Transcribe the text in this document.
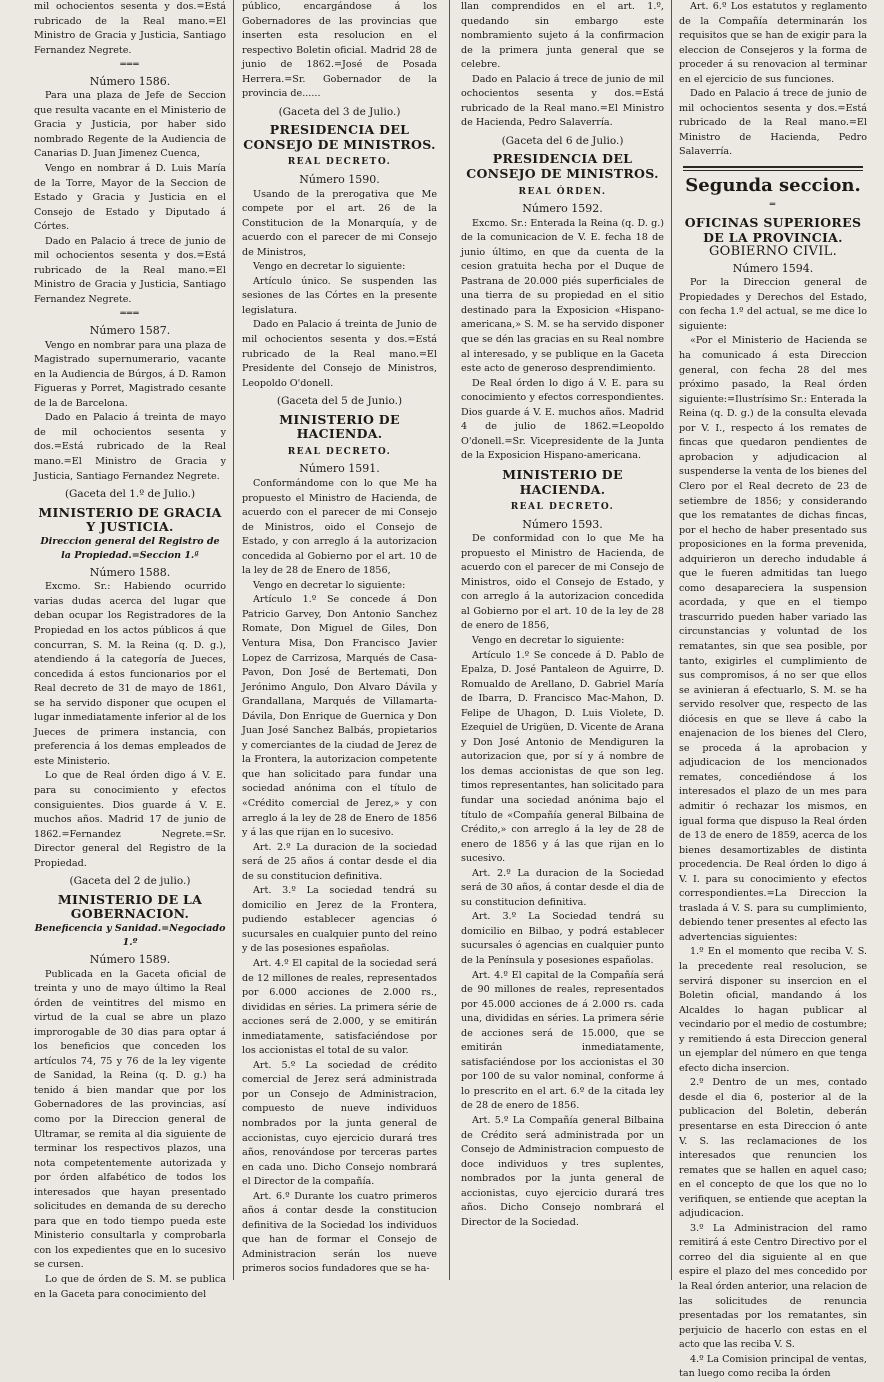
mil ochocientos sesenta y dos.=Está rubricado de la Real mano.=El Ministro de Gracia y Justicia, Santiago Fernandez Negrete.

═══
Número 1586.

Para una plaza de Jefe de Seccion que resulta vacante en el Ministerio de Gracia y Justicia, por haber sido nombrado Regente de la Audiencia de Canarias D. Juan Jimenez Cuenca,

Vengo en nombrar á D. Luis María de la Torre, Mayor de la Seccion de Estado y Gracia y Justicia en el Consejo de Estado y Diputado á Córtes.

Dado en Palacio á trece de junio de mil ochocientos sesenta y dos.=Está rubricado de la Real mano.=El Ministro de Gracia y Justicia, Santiago Fernandez Negrete.

═══
Número 1587.

Vengo en nombrar para una plaza de Magistrado supernumerario, vacante en la Audiencia de Búrgos, á D. Ramon Figueras y Porret, Magistrado cesante de la de Barcelona.

Dado en Palacio á treinta de mayo de mil ochocientos sesenta y dos.=Está rubricado de la Real mano.=El Ministro de Gracia y Justicia, Santiago Fernandez Negrete.

(Gaceta del 1.º de Julio.)
MINISTERIO DE GRACIA Y JUSTICIA.
Direccion general del Registro de la Propiedad.=Seccion 1.ª
Número 1588.

Excmo. Sr.: Habiendo ocurrido varias dudas acerca del lugar que deban ocupar los Registradores de la Propiedad en los actos públicos á que concurran, S. M. la Reina (q. D. g.), atendiendo á la categoría de Jueces, concedida á estos funcionarios por el Real decreto de 31 de mayo de 1861, se ha servido disponer que ocupen el lugar inmediatamente inferior al de los Jueces de primera instancia, con preferencia á los demas empleados de este Ministerio.

Lo que de Real órden digo á V. E. para su conocimiento y efectos consiguientes. Dios guarde á V. E. muchos años. Madrid 17 de junio de 1862.=Fernandez Negrete.=Sr. Director general del Registro de la Propiedad.

(Gaceta del 2 de julio.)
MINISTERIO DE LA GOBERNACION.
Beneficencia y Sanidad.=Negociado 1.º
Número 1589.

Publicada en la Gaceta oficial de treinta y uno de mayo último la Real órden de veintitres del mismo en virtud de la cual se abre un plazo improrogable de 30 dias para optar á los beneficios que conceden los artículos 74, 75 y 76 de la ley vigente de Sanidad, la Reina (q. D. g.) ha tenido á bien mandar que por los Gobernadores de las provincias, así como por la Direccion general de Ultramar, se remita al dia siguiente de terminar los respectivos plazos, una nota competentemente autorizada y por órden alfabético de todos los interesados que hayan presentado solicitudes en demanda de su derecho para que en todo tiempo pueda este Ministerio consultarla y comprobarla con los expedientes que en lo sucesivo se cursen.

Lo que de órden de S. M. se publica en la Gaceta para conocimiento del

público, encargándose á los Gobernadores de las provincias que inserten esta resolucion en el respectivo Boletin oficial. Madrid 28 de junio de 1862.=José de Posada Herrera.=Sr. Gobernador de la provincia de......

(Gaceta del 3 de Julio.)
PRESIDENCIA DEL CONSEJO DE MINISTROS.
REAL DECRETO.
Número 1590.

Usando de la prerogativa que Me compete por el art. 26 de la Constitucion de la Monarquía, y de acuerdo con el parecer de mi Consejo de Ministros,

Vengo en decretar lo siguiente:

Artículo único. Se suspenden las sesiones de las Córtes en la presente legislatura.

Dado en Palacio á treinta de Junio de mil ochocientos sesenta y dos.=Está rubricado de la Real mano.=El Presidente del Consejo de Ministros, Leopoldo O'donell.

(Gaceta del 5 de Junio.)
MINISTERIO DE HACIENDA.
REAL DECRETO.
Número 1591.

Conformándome con lo que Me ha propuesto el Ministro de Hacienda, de acuerdo con el parecer de mi Consejo de Ministros, oido el Consejo de Estado, y con arreglo á la autorizacion concedida al Gobierno por el art. 10 de la ley de 28 de Enero de 1856,

Vengo en decretar lo siguiente:

Artículo 1.º Se concede á Don Patricio Garvey, Don Antonio Sanchez Romate, Don Miguel de Giles, Don Ventura Misa, Don Francisco Javier Lopez de Carrizosa, Marqués de Casa-Pavon, Don José de Bertemati, Don Jerónimo Angulo, Don Alvaro Dávila y Grandallana, Marqués de Villamarta-Dávila, Don Enrique de Guernica y Don Juan José Sanchez Balbás, propietarios y comerciantes de la ciudad de Jerez de la Frontera, la autorizacion competente que han solicitado para fundar una sociedad anónima con el título de «Crédito comercial de Jerez,» y con arreglo á la ley de 28 de Enero de 1856 y á las que rijan en lo sucesivo.

Art. 2.º La duracion de la sociedad será de 25 años á contar desde el dia de su constitucion definitiva.

Art. 3.º La sociedad tendrá su domicilio en Jerez de la Frontera, pudiendo establecer agencias ó sucursales en cualquier punto del reino y de las posesiones españolas.

Art. 4.º El capital de la sociedad será de 12 millones de reales, representados por 6.000 acciones de 2.000 rs., divididas en séries. La primera série de acciones será de 2.000, y se emitirán inmediatamente, satisfaciéndose por los accionistas el total de su valor.

Art. 5.º La sociedad de crédito comercial de Jerez será administrada por un Consejo de Administracion, compuesto de nueve individuos nombrados por la junta general de accionistas, cuyo ejercicio durará tres años, renovándose por terceras partes en cada uno. Dicho Consejo nombrará el Director de la compañía.

Art. 6.º Durante los cuatro primeros años á contar desde la constitucion definitiva de la Sociedad los individuos que han de formar el Consejo de Administracion serán los nueve primeros socios fundadores que se ha-

llan comprendidos en el art. 1.º, quedando sin embargo este nombramiento sujeto á la confirmacion de la primera junta general que se celebre.

Dado en Palacio á trece de junio de mil ochocientos sesenta y dos.=Está rubricado de la Real mano.=El Ministro de Hacienda, Pedro Salaverría.

(Gaceta del 6 de Julio.)
PRESIDENCIA DEL CONSEJO DE MINISTROS.
REAL ÓRDEN.
Número 1592.

Excmo. Sr.: Enterada la Reina (q. D. g.) de la comunicacion de V. E. fecha 18 de junio último, en que da cuenta de la cesion gratuita hecha por el Duque de Pastrana de 20.000 piés superficiales de una tierra de su propiedad en el sitio destinado para la Exposicion «Hispano-americana,» S. M. se ha servido disponer que se dén las gracias en su Real nombre al interesado, y se publique en la Gaceta este acto de generoso desprendimiento.

De Real órden lo digo á V. E. para su conocimiento y efectos correspondientes. Dios guarde á V. E. muchos años. Madrid 4 de julio de 1862.=Leopoldo O'donell.=Sr. Vicepresidente de la Junta de la Exposicion Hispano-americana.

MINISTERIO DE HACIENDA.
REAL DECRETO.
Número 1593.

De conformidad con lo que Me ha propuesto el Ministro de Hacienda, de acuerdo con el parecer de mi Consejo de Ministros, oido el Consejo de Estado, y con arreglo á la autorizacion concedida al Gobierno por el art. 10 de la ley de 28 de enero de 1856,

Vengo en decretar lo siguiente:

Artículo 1.º Se concede á D. Pablo de Epalza, D. José Pantaleon de Aguirre, D. Romualdo de Arellano, D. Gabriel María de Ibarra, D. Francisco Mac-Mahon, D. Felipe de Uhagon, D. Luis Violete, D. Ezequiel de Urigüen, D. Vicente de Arana y Don José Antonio de Mendiguren la autorizacion que, por sí y á nombre de los demas accionistas de que son leg. timos representantes, han solicitado para fundar una sociedad anónima bajo el título de «Compañía general Bilbaina de Crédito,» con arreglo á la ley de 28 de enero de 1856 y á las que rijan en lo sucesivo.

Art. 2.º La duracion de la Sociedad será de 30 años, á contar desde el dia de su constitucion definitiva.

Art. 3.º La Sociedad tendrá su domicilio en Bilbao, y podrá establecer sucursales ó agencias en cualquier punto de la Península y posesiones españolas.

Art. 4.º El capital de la Compañía será de 90 millones de reales, representados por 45.000 acciones de á 2.000 rs. cada una, divididas en séries. La primera série de acciones será de 15.000, que se emitirán inmediatamente, satisfaciéndose por los accionistas el 30 por 100 de su valor nominal, conforme á lo prescrito en el art. 6.º de la citada ley de 28 de enero de 1856.

Art. 5.º La Compañía general Bilbaina de Crédito será administrada por un Consejo de Administracion compuesto de doce individuos y tres suplentes, nombrados por la junta general de accionistas, cuyo ejercicio durará tres años. Dicho Consejo nombrará el Director de la Sociedad.

Art. 6.º Los estatutos y reglamento de la Compañía determinarán los requisitos que se han de exigir para la eleccion de Consejeros y la forma de proceder á su renovacion al terminar en el ejercicio de sus funciones.

Dado en Palacio á trece de junio de mil ochocientos sesenta y dos.=Está rubricado de la Real mano.=El Ministro de Hacienda, Pedro Salaverría.

Segunda seccion.
═
OFICINAS SUPERIORES DE LA PROVINCIA.
GOBIERNO CIVIL.
Número 1594.

Por la Direccion general de Propiedades y Derechos del Estado, con fecha 1.º del actual, se me dice lo siguiente:

«Por el Ministerio de Hacienda se ha comunicado á esta Direccion general, con fecha 28 del mes próximo pasado, la Real órden siguiente:=Ilustrísimo Sr.: Enterada la Reina (q. D. g.) de la consulta elevada por V. I., respecto á los remates de fincas que quedaron pendientes de aprobacion y adjudicacion al suspenderse la venta de los bienes del Clero por el Real decreto de 23 de setiembre de 1856; y considerando que los rematantes de dichas fincas, por el hecho de haber presentado sus proposiciones en la forma prevenida, adquirieron un derecho indudable á que le fueren admitidas tan luego como desapareciera la suspension acordada, y que en el tiempo trascurrido pueden haber variado las circunstancias y voluntad de los rematantes, sin que sea posible, por tanto, exigirles el cumplimiento de sus compromisos, á no ser que ellos se avinieran á efectuarlo, S. M. se ha servido resolver que, respecto de las diócesis en que se lleve á cabo la enajenacion de los bienes del Clero, se proceda á la aprobacion y adjudicacion de los mencionados remates, concediéndose á los interesados el plazo de un mes para admitir ó rechazar los mismos, en igual forma que dispuso la Real órden de 13 de enero de 1859, acerca de los bienes desamortizables de distinta procedencia. De Real órden lo digo á V. I. para su conocimiento y efectos correspondientes.=La Direccion la traslada á V. S. para su cumplimiento, debiendo tener presentes al efecto las advertencias siguientes:

1.º En el momento que reciba V. S. la precedente real resolucion, se servirá disponer su insercion en el Boletin oficial, mandando á los Alcaldes lo hagan publicar al vecindario por el medio de costumbre; y remitiendo á esta Direccion general un ejemplar del número en que tenga efecto dicha insercion.

2.º Dentro de un mes, contado desde el dia 6, posterior al de la publicacion del Boletin, deberán presentarse en esta Direccion ó ante V. S. las reclamaciones de los interesados que renuncien los remates que se hallen en aquel caso; en el concepto de que los que no lo verifiquen, se entiende que aceptan la adjudicacion.

3.º La Administracion del ramo remitirá á este Centro Directivo por el correo del dia siguiente al en que espire el plazo del mes concedido por la Real órden anterior, una relacion de las solicitudes de renuncia presentadas por los rematantes, sin perjuicio de hacerlo con estas en el acto que las reciba V. S.

4.º La Comision principal de ventas, tan luego como reciba la órden
